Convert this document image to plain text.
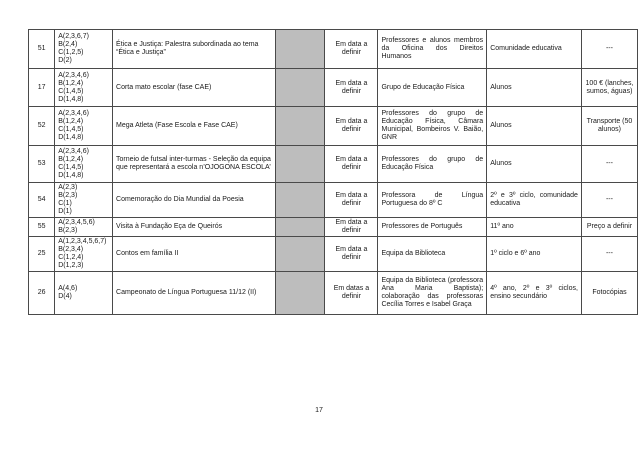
51	A(2,3,6,7)
B(2,4)
C(1,2,5)
D(2)	Ética e Justiça: Palestra subordinada ao tema “Ética e Justiça”		Em data a definir	Professores e alunos membros da Oficina dos Direitos Humanos	Comunidade educativa	---
17	A(2,3,4,6)
B(1,2,4)
C(1,4,5)
D(1,4,8)	Corta mato escolar (fase CAE)		Em data a definir	Grupo de Educação Física	Alunos	100 € (lanches, sumos, águas)
52	A(2,3,4,6)
B(1,2,4)
C(1,4,5)
D(1,4,8)	Mega Atleta (Fase Escola e Fase CAE)		Em data a definir	Professores do grupo de Educação Física, Câmara Municipal, Bombeiros V. Baião, GNR	Alunos	Transporte (50 alunos)
53	A(2,3,4,6)
B(1,2,4)
C(1,4,5)
D(1,4,8)	Torneio de futsal inter-turmas - Seleção da equipa que representará a escola n’OJOGONA ESCOLA’		Em data a definir	Professores do grupo de Educação Física	Alunos	---
54	A(2,3)
B(2,3)
C(1)
D(1)	Comemoração do Dia Mundial da Poesia		Em data a definir	Professora de Língua Portuguesa do 8º C	2º e 3º ciclo, comunidade educativa	---
55	A(2,3,4,5,6)
B(2,3)	Visita à Fundação Eça de Queirós		Em data a definir	Professores de Português	11º ano	Preço a definir
25	A(1,2,3,4,5,6,7)
B(2,3,4)
C(1,2,4)
D(1,2,3)	Contos em família II		Em data a definir	Equipa da Biblioteca	1º ciclo e 6º ano	---
26	A(4,6)
D(4)	Campeonato de Língua Portuguesa 11/12 (II)		Em datas a definir	Equipa da Biblioteca (professora Ana Maria Baptista); colaboração das professoras Cecília Torres e Isabel Graça	4º ano, 2º e 3º ciclos, ensino secundário	Fotocópias
17
